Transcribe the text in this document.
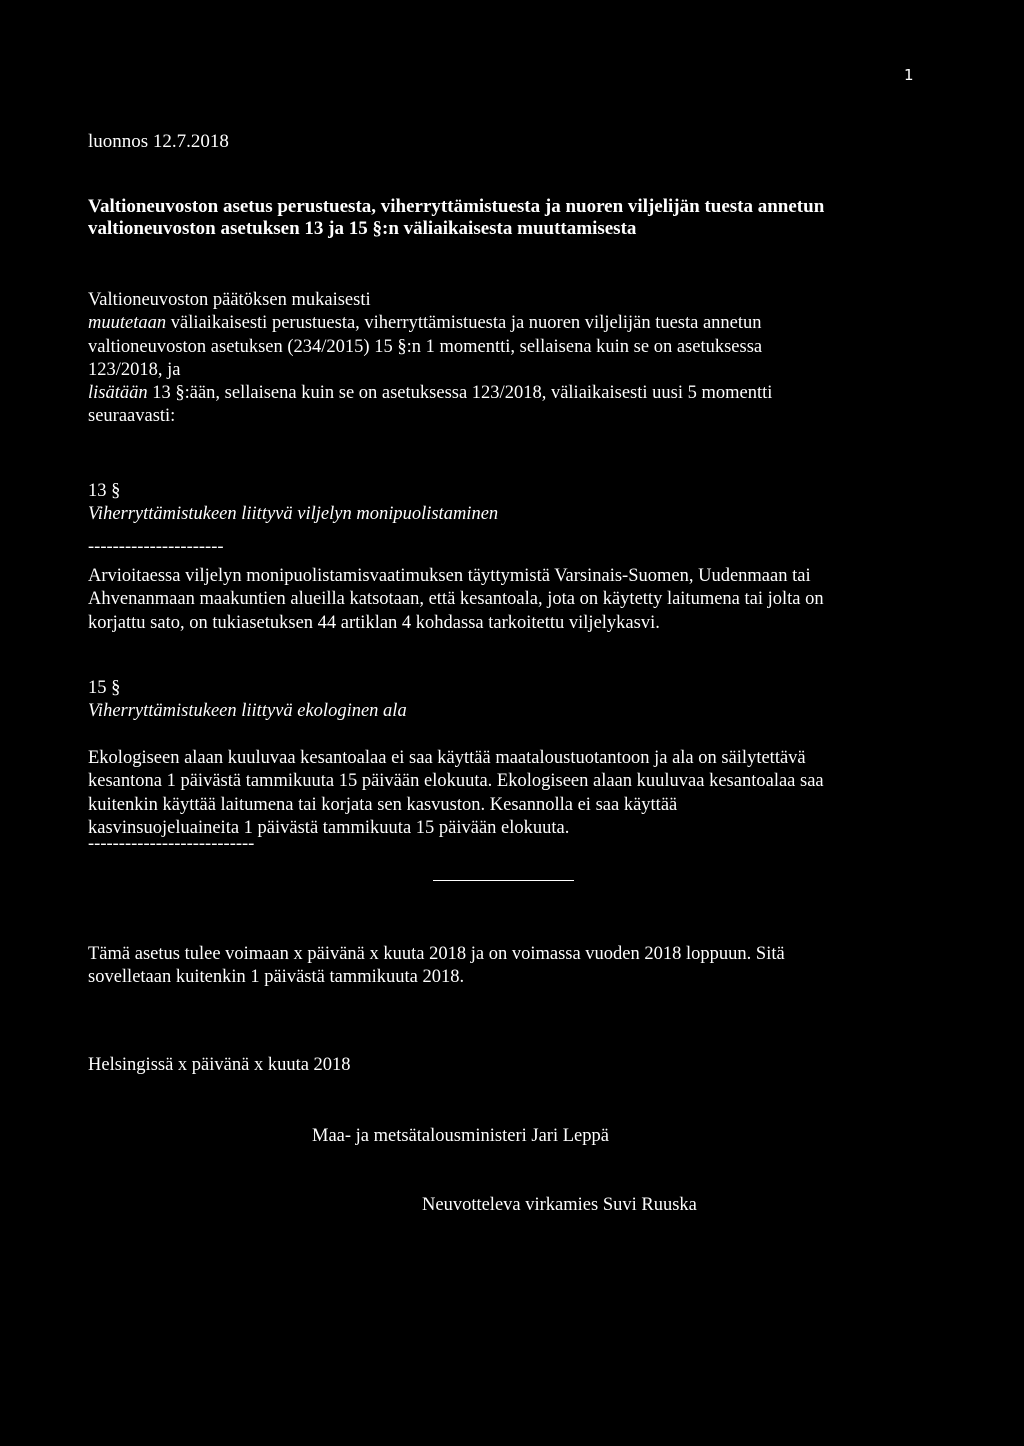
1
luonnos 12.7.2018
Valtioneuvoston asetus perustuesta, viherryttämistuesta ja nuoren viljelijän tuesta annetun
valtioneuvoston asetuksen 13 ja 15 §:n väliaikaisesta muuttamisesta
Valtioneuvoston päätöksen mukaisesti
muutetaan väliaikaisesti perustuesta, viherryttämistuesta ja nuoren viljelijän tuesta annetun
valtioneuvoston asetuksen (234/2015) 15 §:n 1 momentti, sellaisena kuin se on asetuksessa
123/2018, ja
lisätään 13 §:ään, sellaisena kuin se on asetuksessa 123/2018, väliaikaisesti uusi 5 momentti
seuraavasti:
13 §
Viherryttämistukeen liittyvä viljelyn monipuolistaminen
----------------------
Arvioitaessa viljelyn monipuolistamisvaatimuksen täyttymistä Varsinais-Suomen, Uudenmaan tai
Ahvenanmaan maakuntien alueilla katsotaan, että kesantoala, jota on käytetty laitumena tai jolta on
korjattu sato, on tukiasetuksen 44 artiklan 4 kohdassa tarkoitettu viljelykasvi.
15 §
Viherryttämistukeen liittyvä ekologinen ala
Ekologiseen alaan kuuluvaa kesantoalaa ei saa käyttää maataloustuotantoon ja ala on säilytettävä
kesantona 1 päivästä tammikuuta 15 päivään elokuuta. Ekologiseen alaan kuuluvaa kesantoalaa saa
kuitenkin käyttää laitumena tai korjata sen kasvuston. Kesannolla ei saa käyttää
kasvinsuojeluaineita 1 päivästä tammikuuta 15 päivään elokuuta.
---------------------------
Tämä asetus tulee voimaan x päivänä x kuuta 2018 ja on voimassa vuoden 2018 loppuun. Sitä
sovelletaan kuitenkin 1 päivästä tammikuuta 2018.
Helsingissä x päivänä x kuuta 2018
Maa- ja metsätalousministeri Jari Leppä
Neuvotteleva virkamies Suvi Ruuska
